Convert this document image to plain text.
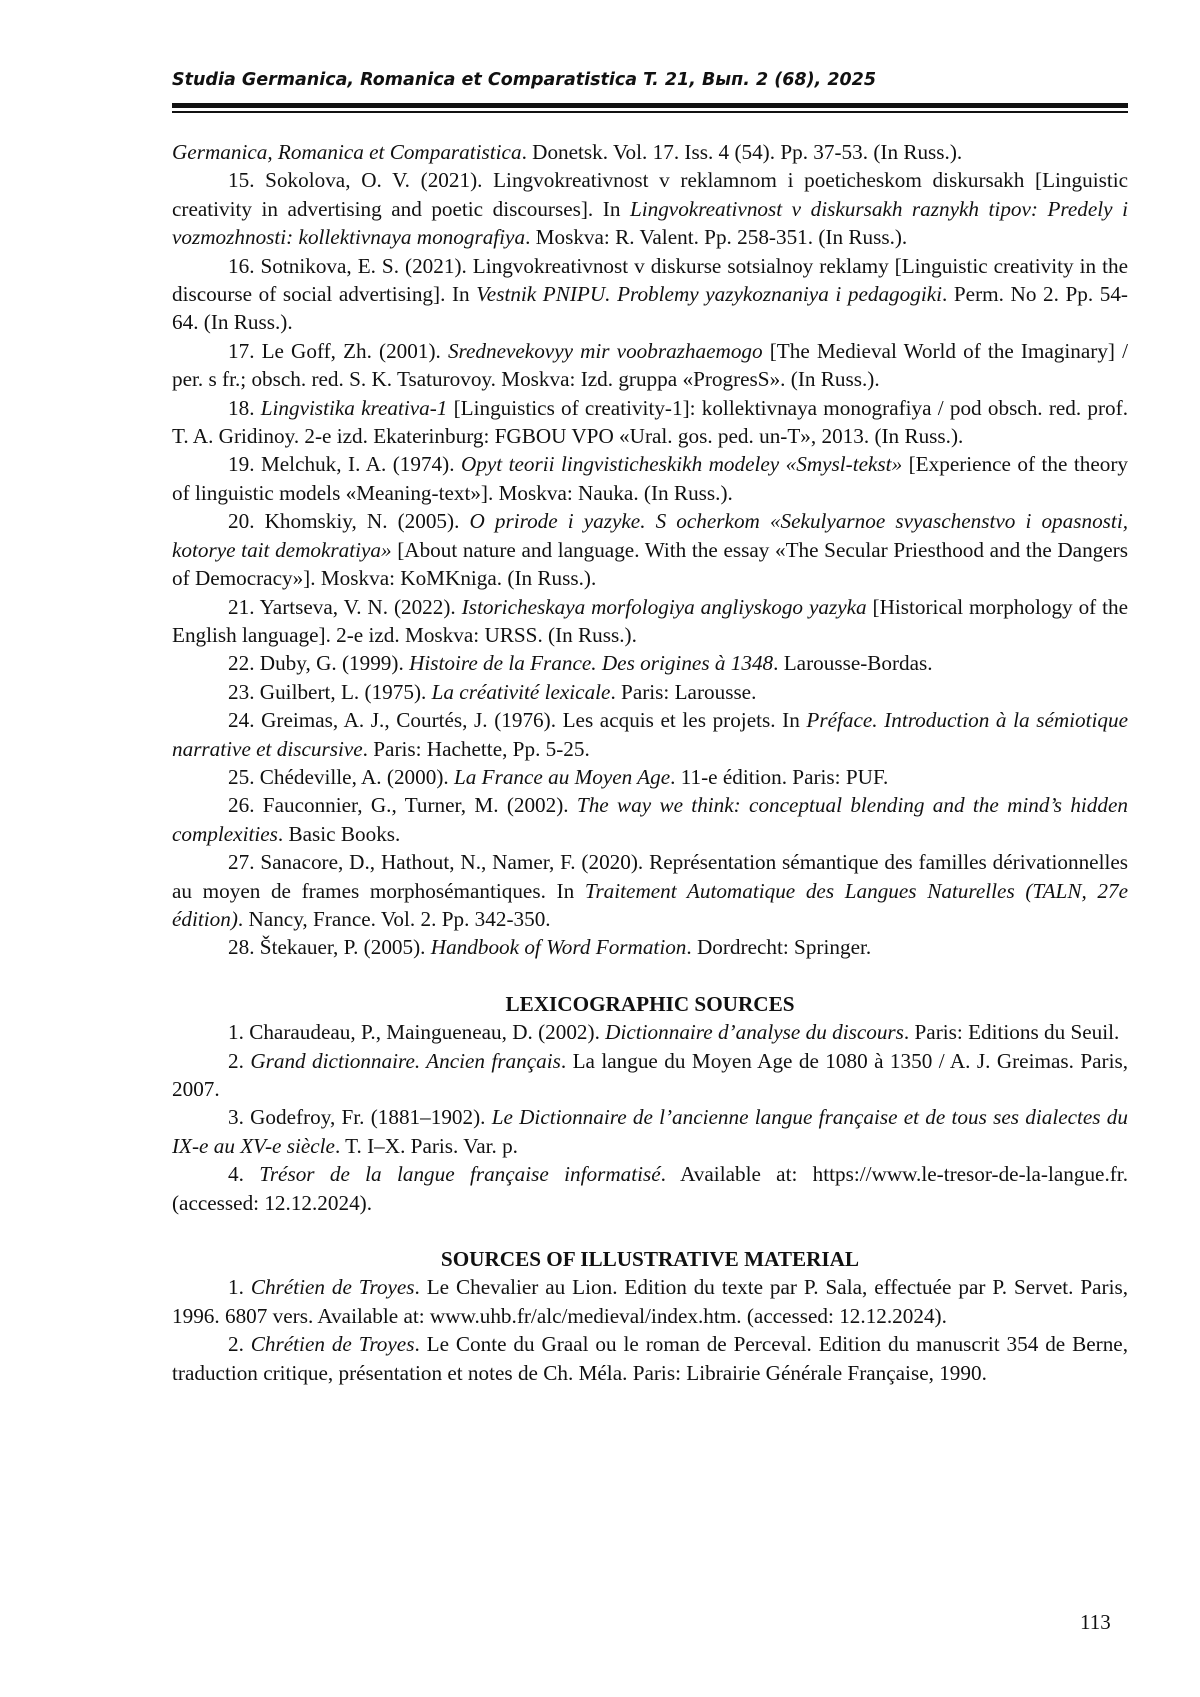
Studia Germanica, Romanica et Comparatistica T. 21, Вып. 2 (68), 2025

Germanica, Romanica et Comparatistica. Donetsk. Vol. 17. Iss. 4 (54). Pp. 37-53. (In Russ.).

15. Sokolova, O. V. (2021). Lingvokreativnost v reklamnom i poeticheskom diskursakh [Linguistic creativity in advertising and poetic discourses]. In Lingvokreativnost v diskursakh raznykh tipov: Predely i vozmozhnosti: kollektivnaya monografiya. Moskva: R. Valent. Pp. 258-351. (In Russ.).

16. Sotnikova, E. S. (2021). Lingvokreativnost v diskurse sotsialnoy reklamy [Linguistic creativity in the discourse of social advertising]. In Vestnik PNIPU. Problemy yazykoznaniya i pedagogiki. Perm. No 2. Pp. 54-64. (In Russ.).

17. Le Goff, Zh. (2001). Srednevekovyy mir voobrazhaemogo [The Medieval World of the Imaginary] / per. s fr.; obsch. red. S. K. Tsaturovoy. Moskva: Izd. gruppa «ProgresS». (In Russ.).

18. Lingvistika kreativa-1 [Linguistics of creativity-1]: kollektivnaya monografiya / pod obsch. red. prof. T. A. Gridinoy. 2-e izd. Ekaterinburg: FGBOU VPO «Ural. gos. ped. un-T», 2013. (In Russ.).

19. Melchuk, I. A. (1974). Opyt teorii lingvisticheskikh modeley «Smysl-tekst» [Experience of the theory of linguistic models «Meaning-text»]. Moskva: Nauka. (In Russ.).

20. Khomskiy, N. (2005). O prirode i yazyke. S ocherkom «Sekulyarnoe svyaschenstvo i opasnosti, kotorye tait demokratiya» [About nature and language. With the essay «The Secular Priesthood and the Dangers of Democracy»]. Moskva: KoMKniga. (In Russ.).

21. Yartseva, V. N. (2022). Istoricheskaya morfologiya angliyskogo yazyka [Historical morphology of the English language]. 2-e izd. Moskva: URSS. (In Russ.).

22. Duby, G. (1999). Histoire de la France. Des origines à 1348. Larousse-Bordas.

23. Guilbert, L. (1975). La créativité lexicale. Paris: Larousse.

24. Greimas, A. J., Courtés, J. (1976). Les acquis et les projets. In Préface. Introduction à la sémiotique narrative et discursive. Paris: Hachette, Pp. 5-25.

25. Chédeville, A. (2000). La France au Moyen Age. 11-e édition. Paris: PUF.

26. Fauconnier, G., Turner, M. (2002). The way we think: conceptual blending and the mind’s hidden complexities. Basic Books.

27. Sanacore, D., Hathout, N., Namer, F. (2020). Représentation sémantique des familles dérivationnelles au moyen de frames morphosémantiques. In Traitement Automatique des Langues Naturelles (TALN, 27e édition). Nancy, France. Vol. 2. Pp. 342-350.

28. Štekauer, P. (2005). Handbook of Word Formation. Dordrecht: Springer.

LEXICOGRAPHIC SOURCES

1. Charaudeau, P., Maingueneau, D. (2002). Dictionnaire d’analyse du discours. Paris: Editions du Seuil.

2. Grand dictionnaire. Ancien français. La langue du Moyen Age de 1080 à 1350 / A. J. Greimas. Paris, 2007.

3. Godefroy, Fr. (1881–1902). Le Dictionnaire de l’ancienne langue française et de tous ses dialectes du IX-e au XV-e siècle. T. I–X. Paris. Var. p.

4. Trésor de la langue française informatisé. Available at: https://www.le-tresor-de-la-langue.fr. (accessed: 12.12.2024).

SOURCES OF ILLUSTRATIVE MATERIAL

1. Chrétien de Troyes. Le Chevalier au Lion. Edition du texte par P. Sala, effectuée par P. Servet. Paris, 1996. 6807 vers. Available at: www.uhb.fr/alc/medieval/index.htm. (accessed: 12.12.2024).

2. Chrétien de Troyes. Le Conte du Graal ou le roman de Perceval. Edition du manuscrit 354 de Berne, traduction critique, présentation et notes de Ch. Méla. Paris: Librairie Générale Française, 1990.

113
